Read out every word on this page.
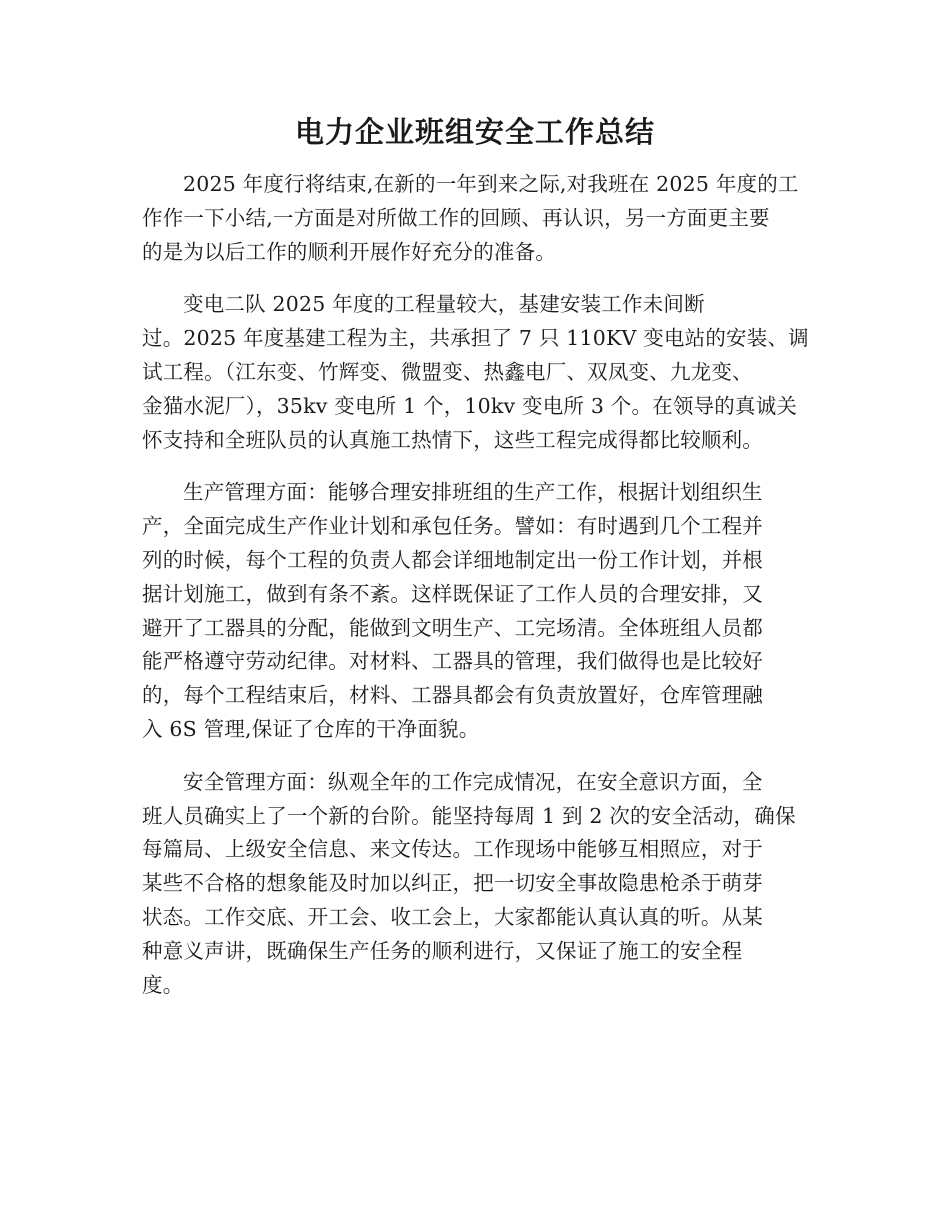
电力企业班组安全工作总结

2025 年度行将结束,在新的一年到来之际,对我班在 2025 年度的工
作作一下小结,一方面是对所做工作的回顾、再认识，另一方面更主要
的是为以后工作的顺利开展作好充分的准备。

变电二队 2025 年度的工程量较大，基建安装工作未间断
过。2025 年度基建工程为主，共承担了 7 只 110KV 变电站的安装、调
试工程。（江东变、竹辉变、微盟变、热鑫电厂、双凤变、九龙变、
金猫水泥厂），35kv 变电所 1 个，10kv 变电所 3 个。在领导的真诚关
怀支持和全班队员的认真施工热情下，这些工程完成得都比较顺利。

生产管理方面：能够合理安排班组的生产工作，根据计划组织生
产，全面完成生产作业计划和承包任务。譬如：有时遇到几个工程并
列的时候，每个工程的负责人都会详细地制定出一份工作计划，并根
据计划施工，做到有条不紊。这样既保证了工作人员的合理安排，又
避开了工器具的分配，能做到文明生产、工完场清。全体班组人员都
能严格遵守劳动纪律。对材料、工器具的管理，我们做得也是比较好
的，每个工程结束后，材料、工器具都会有负责放置好，仓库管理融
入 6S 管理,保证了仓库的干净面貌。

安全管理方面：纵观全年的工作完成情况，在安全意识方面，全
班人员确实上了一个新的台阶。能坚持每周 1 到 2 次的安全活动，确保
每篇局、上级安全信息、来文传达。工作现场中能够互相照应，对于
某些不合格的想象能及时加以纠正，把一切安全事故隐患枪杀于萌芽
状态。工作交底、开工会、收工会上，大家都能认真认真的听。从某
种意义声讲，既确保生产任务的顺利进行，又保证了施工的安全程
度。
